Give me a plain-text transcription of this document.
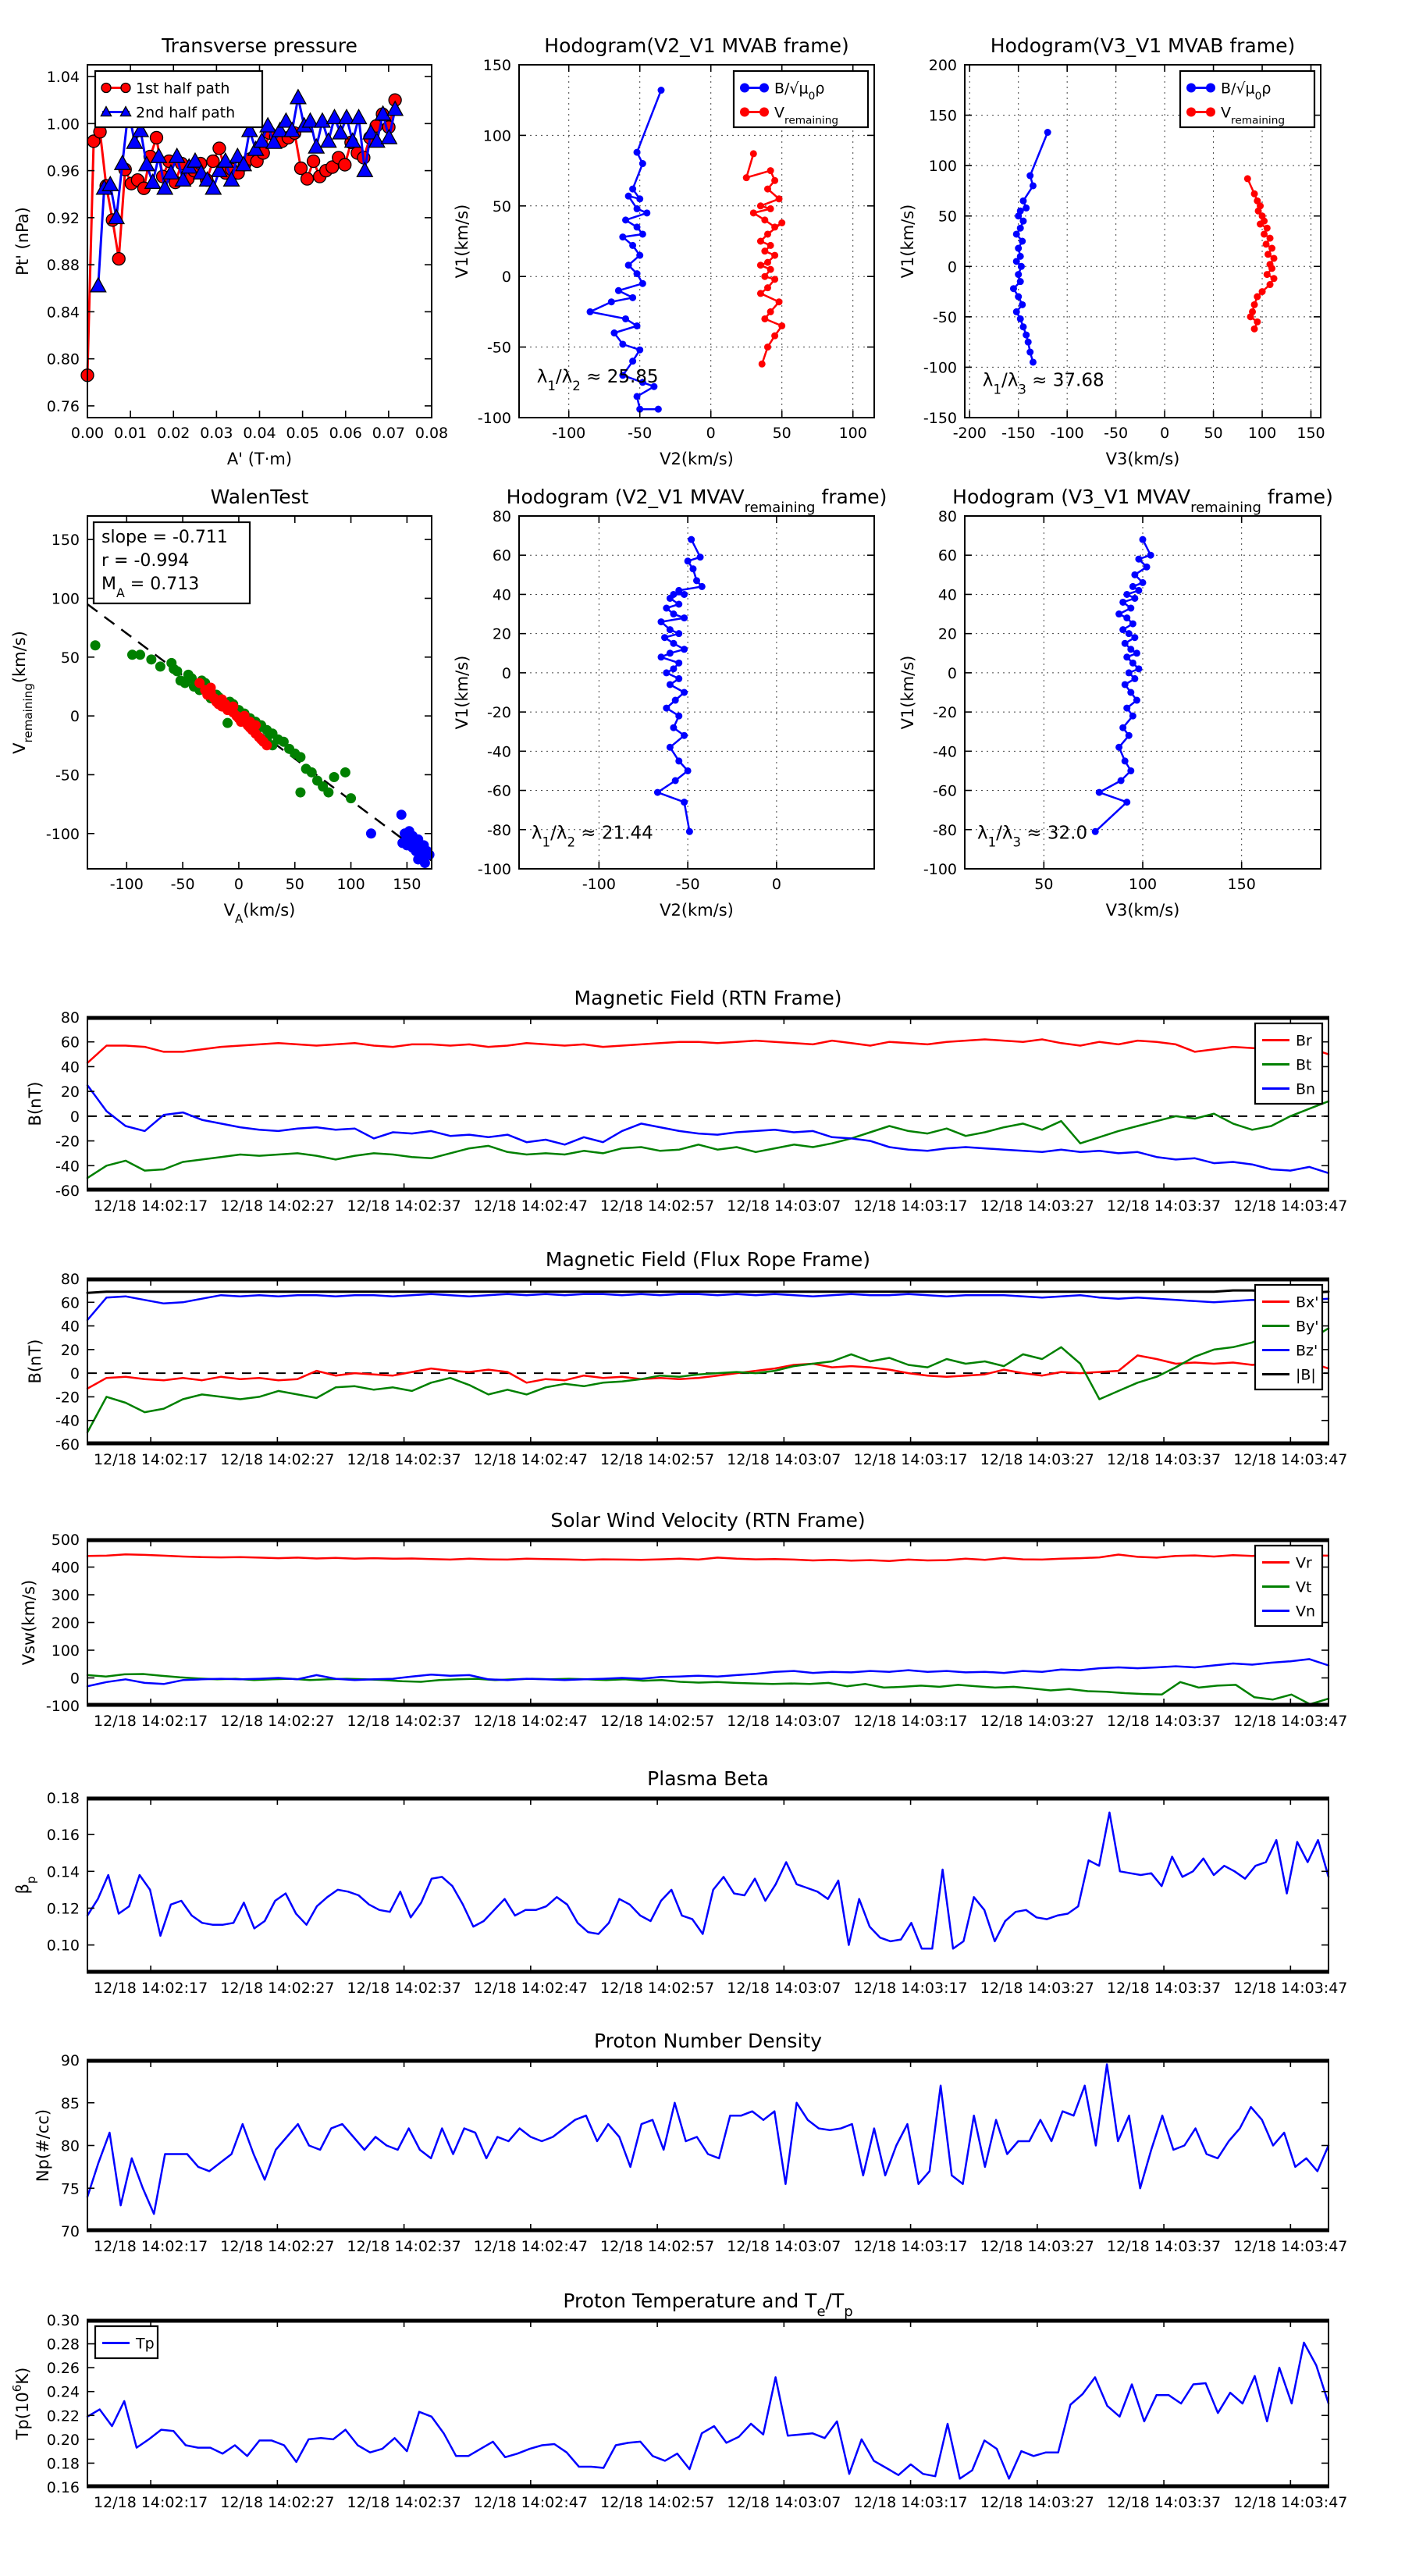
0.00 0.01 0.02 0.03 0.04 0.05 0.06 0.07 0.08
0.76
0.80
0.84
0.88
0.92
0.96
1.00
1.04
Transverse pressure
A' (T·m)
Pt' (nPa)
1st half path
2nd half path
-100	-50	0	50	100
-100
-50
0
50
100
150
Hodogram(V2_V1 MVAB frame)
V2(km/s)
V1(km/s)
$\lambda_1/\lambda_2 \approx 25.85$
$B/√\mu_0\rho$
$V_{remaining}$
-200 -150 -100 -50 0 50 100 150
-150
-100
-50
0
50
100
150
200
Hodogram(V3_V1 MVAB frame)
V3(km/s)
V1(km/s)
$\lambda_1/\lambda_3 \approx 37.68$
$B/√\mu_0\rho$
$V_{remaining}$
-100 -50	0	50 100 150
-100
-50
0
50
100
150
WalenTest
$V_A(km/s)$
$V_{remaining}(km/s)$
slope = -0.711
r = -0.994
$M_A = 0.713$
-100	-50	0
-100
-80
-60
-40
-20
0
20
40
60
80
Hodogram (V2_V1 $MVAV_{remaining}$ frame)
V2(km/s)
V1(km/s)
$\lambda_1/\lambda_2 \approx 21.44$
50	100	150
-100
-80
-60
-40
-20
0
20
40
60
80
Hodogram (V3_V1 $MVAV_{remaining}$ frame)
V3(km/s)
V1(km/s)
$\lambda_1/\lambda_3 \approx 32.0$
12/18 14:02:17 12/18 14:02:27 12/18 14:02:37 12/18 14:02:47 12/18 14:02:57 12/18 14:03:07 12/18 14:03:17 12/18 14:03:27 12/18 14:03:37 12/18 14:03:47
-60
-40
-20
0
20
40
60
80
Magnetic Field (RTN Frame)
B(nT)
Br
Bt
Bn
12/18 14:02:17 12/18 14:02:27 12/18 14:02:37 12/18 14:02:47 12/18 14:02:57 12/18 14:03:07 12/18 14:03:17 12/18 14:03:27 12/18 14:03:37 12/18 14:03:47
-60
-40
-20
0
20
40
60
80
Magnetic Field (Flux Rope Frame)
B(nT)
Bx'
By'
Bz'
|B|
12/18 14:02:17 12/18 14:02:27 12/18 14:02:37 12/18 14:02:47 12/18 14:02:57 12/18 14:03:07 12/18 14:03:17 12/18 14:03:27 12/18 14:03:37 12/18 14:03:47
-100
0
100
200
300
400
500
Solar Wind Velocity (RTN Frame)
Vsw(km/s)
Vr
Vt
Vn
12/18 14:02:17 12/18 14:02:27 12/18 14:02:37 12/18 14:02:47 12/18 14:02:57 12/18 14:03:07 12/18 14:03:17 12/18 14:03:27 12/18 14:03:37 12/18 14:03:47
0.10
0.12
0.14
0.16
0.18
Plasma Beta
$\beta_p$
12/18 14:02:17 12/18 14:02:27 12/18 14:02:37 12/18 14:02:47 12/18 14:02:57 12/18 14:03:07 12/18 14:03:17 12/18 14:03:27 12/18 14:03:37 12/18 14:03:47
70
75
80
85
90
Proton Number Density
Np(#/cc)
12/18 14:02:17 12/18 14:02:27 12/18 14:02:37 12/18 14:02:47 12/18 14:02:57 12/18 14:03:07 12/18 14:03:17 12/18 14:03:27 12/18 14:03:37 12/18 14:03:47
0.16
0.18
0.20
0.22
0.24
0.26
0.28
0.30
Proton Temperature and $T_e/T_p$
$Tp(10^6K)$
Tp
